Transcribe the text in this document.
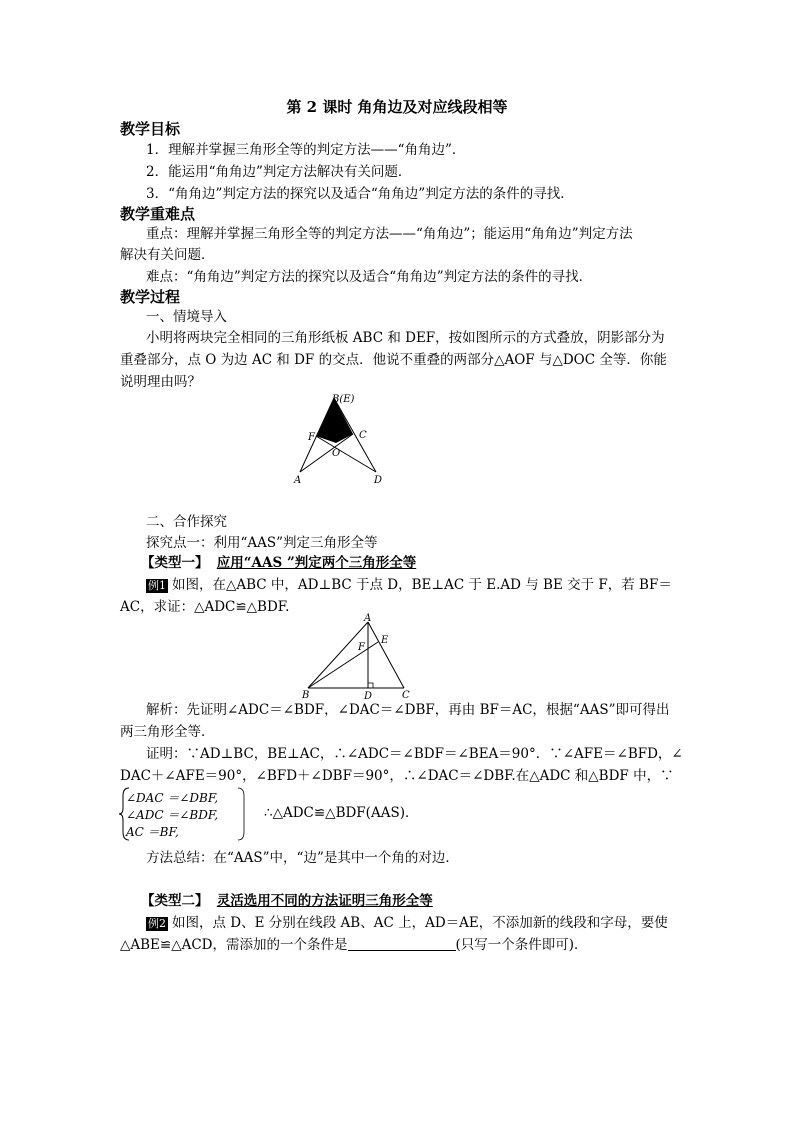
第 2 课时 角角边及对应线段相等
教学目标
1．理解并掌握三角形全等的判定方法——“角角边”．
2．能运用“角角边”判定方法解决有关问题．
3．“角角边”判定方法的探究以及适合“角角边”判定方法的条件的寻找．
教学重难点
重点：理解并掌握三角形全等的判定方法——“角角边”；能运用“角角边”判定方法
解决有关问题．
难点：“角角边”判定方法的探究以及适合“角角边”判定方法的条件的寻找．
教学过程
一、情境导入
小明将两块完全相同的三角形纸板 ABC 和 DEF，按如图所示的方式叠放，阴影部分为
重叠部分，点 O 为边 AC 和 DF 的交点．他说不重叠的两部分△AOF 与△DOC 全等．你能
说明理由吗？
B(E)
F	C
O
A	D
二、合作探究
探究点一：利用“AAS”判定三角形全等
【类型一】 应用“AAS ”判定两个三角形全等
例1 如图，在△ABC 中，AD⊥BC 于点 D，BE⊥AC 于 E.AD 与 BE 交于 F，若 BF＝
AC，求证：△ADC≌△BDF.
A
E
F
B	D	C
解析：先证明∠ADC＝∠BDF，∠DAC＝∠DBF，再由 BF＝AC，根据“AAS”即可得出
两三角形全等．
证明：∵AD⊥BC，BE⊥AC，∴∠ADC＝∠BDF＝∠BEA＝90°．∵∠AFE＝∠BFD，∠
DAC＋∠AFE＝90°，∠BFD＋∠DBF＝90°，∴∠DAC＝∠DBF.在△ADC 和△BDF 中，∵
∠DAC ＝∠DBF,
∠ADC ＝∠BDF,
AC ＝BF,
∴△ADC≌△BDF(AAS)．
方法总结：在“AAS”中，“边”是其中一个角的对边．
【类型二】 灵活选用不同的方法证明三角形全等
例2 如图，点 D、E 分别在线段 AB、AC 上，AD＝AE，不添加新的线段和字母，要使
△ABE≌△ACD，需添加的一个条件是	(只写一个条件即可)．
